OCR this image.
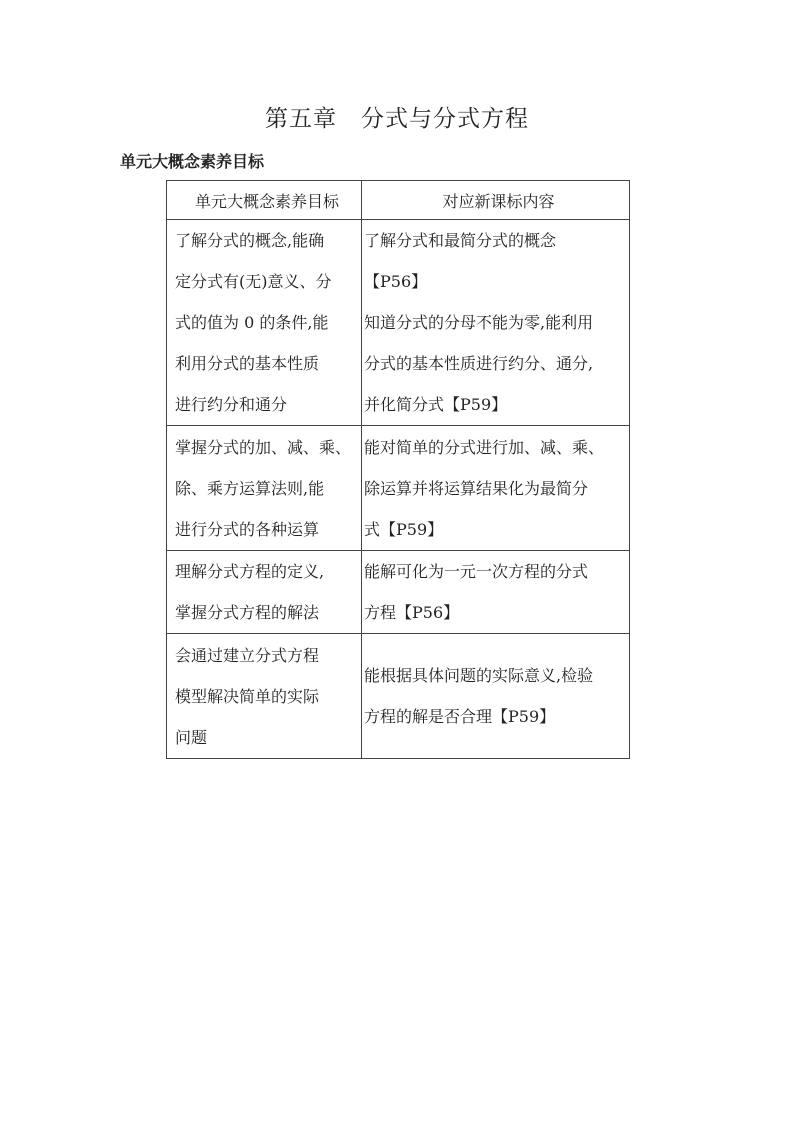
第五章　分式与分式方程
单元大概念素养目标
单元大概念素养目标	对应新课标内容

了解分式的概念,能确
定分式有(无)意义、分
式的值为 0 的条件,能
利用分式的基本性质
进行约分和通分	了解分式和最简分式的概念
【P56】
知道分式的分母不能为零,能利用
分式的基本性质进行约分、通分,
并化简分式【P59】

掌握分式的加、减、乘、
除、乘方运算法则,能
进行分式的各种运算	能对简单的分式进行加、减、乘、
除运算并将运算结果化为最简分
式【P59】

理解分式方程的定义,
掌握分式方程的解法	能解可化为一元一次方程的分式
方程【P56】

会通过建立分式方程
模型解决简单的实际
问题	能根据具体问题的实际意义,检验
方程的解是否合理【P59】
